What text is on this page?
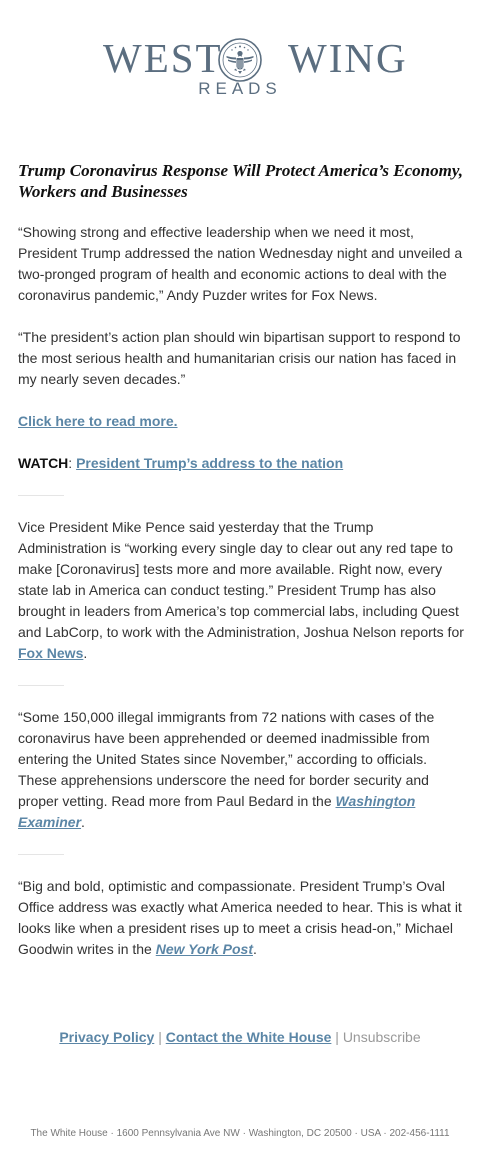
WEST WING
READS
Trump Coronavirus Response Will Protect America’s Economy, Workers and Businesses

“Showing strong and effective leadership when we need it most, President Trump addressed the nation Wednesday night and unveiled a two-pronged program of health and economic actions to deal with the coronavirus pandemic,” Andy Puzder writes for Fox News.

“The president’s action plan should win bipartisan support to respond to the most serious health and humanitarian crisis our nation has faced in my nearly seven decades.”

Click here to read more.

WATCH: President Trump’s address to the nation

Vice President Mike Pence said yesterday that the Trump Administration is “working every single day to clear out any red tape to make [Coronavirus] tests more and more available. Right now, every state lab in America can conduct testing.” President Trump has also brought in leaders from America’s top commercial labs, including Quest and LabCorp, to work with the Administration, Joshua Nelson reports for Fox News.

“Some 150,000 illegal immigrants from 72 nations with cases of the coronavirus have been apprehended or deemed inadmissible from entering the United States since November,” according to officials. These apprehensions underscore the need for border security and proper vetting. Read more from Paul Bedard in the Washington Examiner.

“Big and bold, optimistic and compassionate. President Trump’s Oval Office address was exactly what America needed to hear. This is what it looks like when a president rises up to meet a crisis head-on,” Michael Goodwin writes in the New York Post.

Privacy Policy | Contact the White House | Unsubscribe
The White House · 1600 Pennsylvania Ave NW · Washington, DC 20500 · USA · 202-456-1111
